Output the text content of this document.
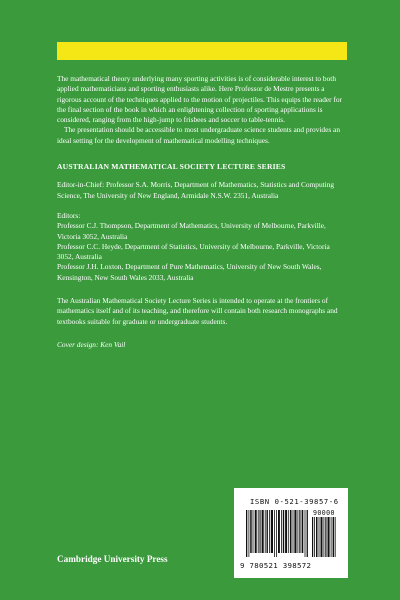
The mathematical theory underlying many sporting activities is of considerable interest to both applied mathematicians and sporting enthusiasts alike. Here Professor de Mestre presents a rigorous account of the techniques applied to the motion of projectiles. This equips the reader for the final section of the book in which an enlightening collection of sporting applications is considered, ranging from the high-jump to frisbees and soccer to table-tennis.

The presentation should be accessible to most undergraduate science students and provides an ideal setting for the development of mathematical modelling techniques.

AUSTRALIAN MATHEMATICAL SOCIETY LECTURE SERIES

Editor-in-Chief: Professor S.A. Morris, Department of Mathematics, Statistics and Computing Science, The University of New England, Armidale N.S.W. 2351, Australia

Editors:

Professor C.J. Thompson, Department of Mathematics, University of Melbourne, Parkville, Victoria 3052, Australia

Professor C.C. Heyde, Department of Statistics, University of Melbourne, Parkville, Victoria 3052, Australia

Professor J.H. Loxton, Department of Pure Mathematics, University of New South Wales, Kensington, New South Wales 2033, Australia

The Australian Mathematical Society Lecture Series is intended to operate at the frontiers of mathematics itself and of its teaching, and therefore will contain both research monographs and textbooks suitable for graduate or undergraduate students.

Cover design: Ken Vail

ISBN 0-521-39857-6
90000
9 780521 398572
Cambridge University Press
